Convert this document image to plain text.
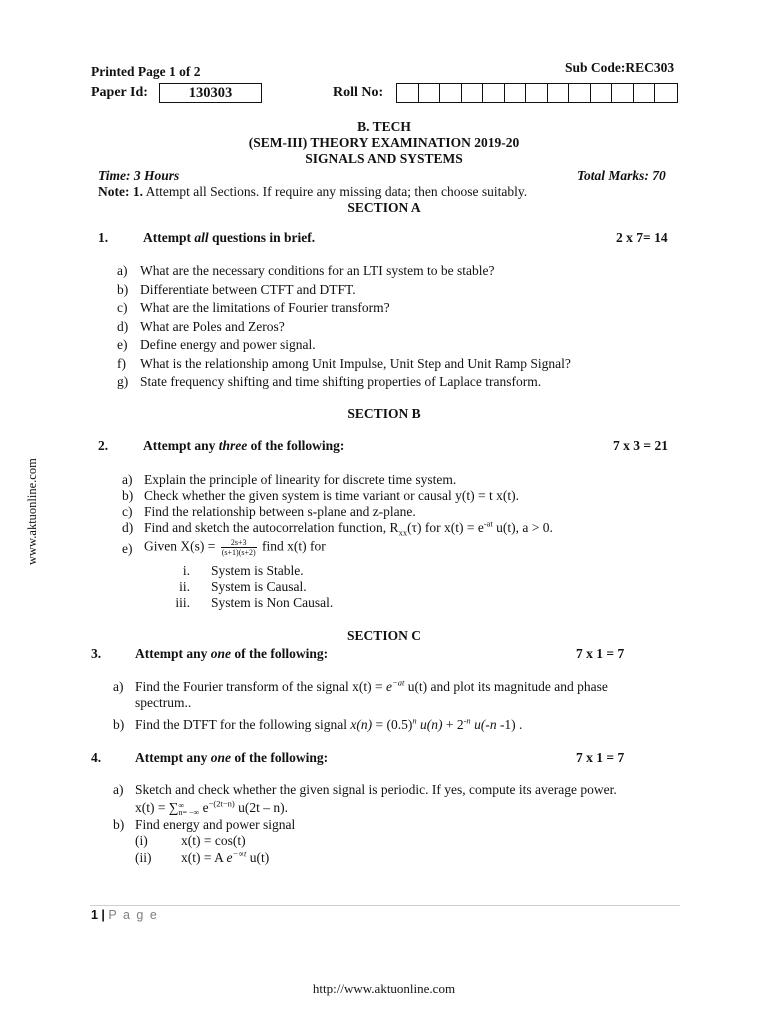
Printed Page 1 of 2	Sub Code:REC303
Paper Id:	130303	Roll No:
B. TECH
(SEM-III) THEORY EXAMINATION 2019-20
SIGNALS AND SYSTEMS
Time: 3 Hours	Total Marks: 70
Note: 1. Attempt all Sections. If require any missing data; then choose suitably.
SECTION A
1.	Attempt all questions in brief.	2 x 7= 14
a) What are the necessary conditions for an LTI system to be stable?
b) Differentiate between CTFT and DTFT.
c) What are the limitations of Fourier transform?
d) What are Poles and Zeros?
e) Define energy and power signal.
f) What is the relationship among Unit Impulse, Unit Step and Unit Ramp Signal?
g) State frequency shifting and time shifting properties of Laplace transform.
SECTION B
2.	Attempt any three of the following:	7 x 3 = 21
a) Explain the principle of linearity for discrete time system.
b) Check whether the given system is time variant or causal y(t) = t x(t).
c) Find the relationship between s-plane and z-plane.
d) Find and sketch the autocorrelation function, $R_{xx}(\tau)$ for $x(t) = e^{-at}$ u(t), a > 0.
e) Given $X(s) = \frac{2s+3}{(s+1)(s+2)}$ find x(t) for
i. System is Stable.
ii. System is Causal.
iii. System is Non Causal.
SECTION C
3.	Attempt any one of the following:	7 x 1 = 7
a) Find the Fourier transform of the signal $x(t) = e^{-at}$ u(t) and plot its magnitude and phase
spectrum..
b) Find the DTFT for the following signal $x(n) = (0.5)^n$ $u(n) + 2^{-n}$ u(-n -1) .
4.	Attempt any one of the following:	7 x 1 = 7
a) Sketch and check whether the given signal is periodic. If yes, compute its average power.
x(t) = ∑ ∞
n= −∞ $e^{-(2t-n)}$ u(2t – n).
b) Find energy and power signal
(i) x(t) = cos(t)
(ii) x(t) = A $e^{-\propto t}$ u(t)
1 | P a g e
http://www.aktuonline.com
www.aktuonline.com
